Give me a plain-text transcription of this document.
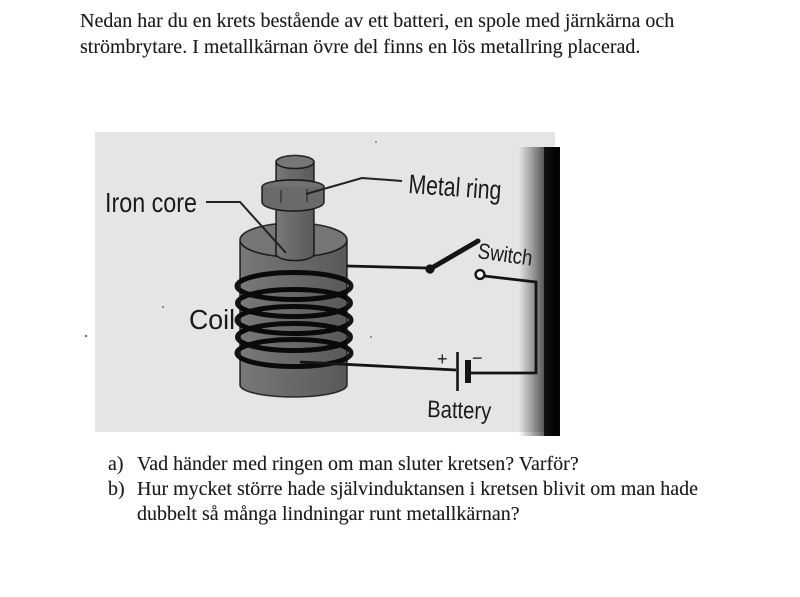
Nedan har du en krets bestående av ett batteri, en spole med järnkärna och
strömbrytare. I metallkärnan övre del finns en lös metallring placerad.
+ −
Iron core	Metal ring
Switch
Coil
Battery
a) Vad händer med ringen om man sluter kretsen? Varför?
b) Hur mycket större hade självinduktansen i kretsen blivit om man hade
dubbelt så många lindningar runt metallkärnan?
